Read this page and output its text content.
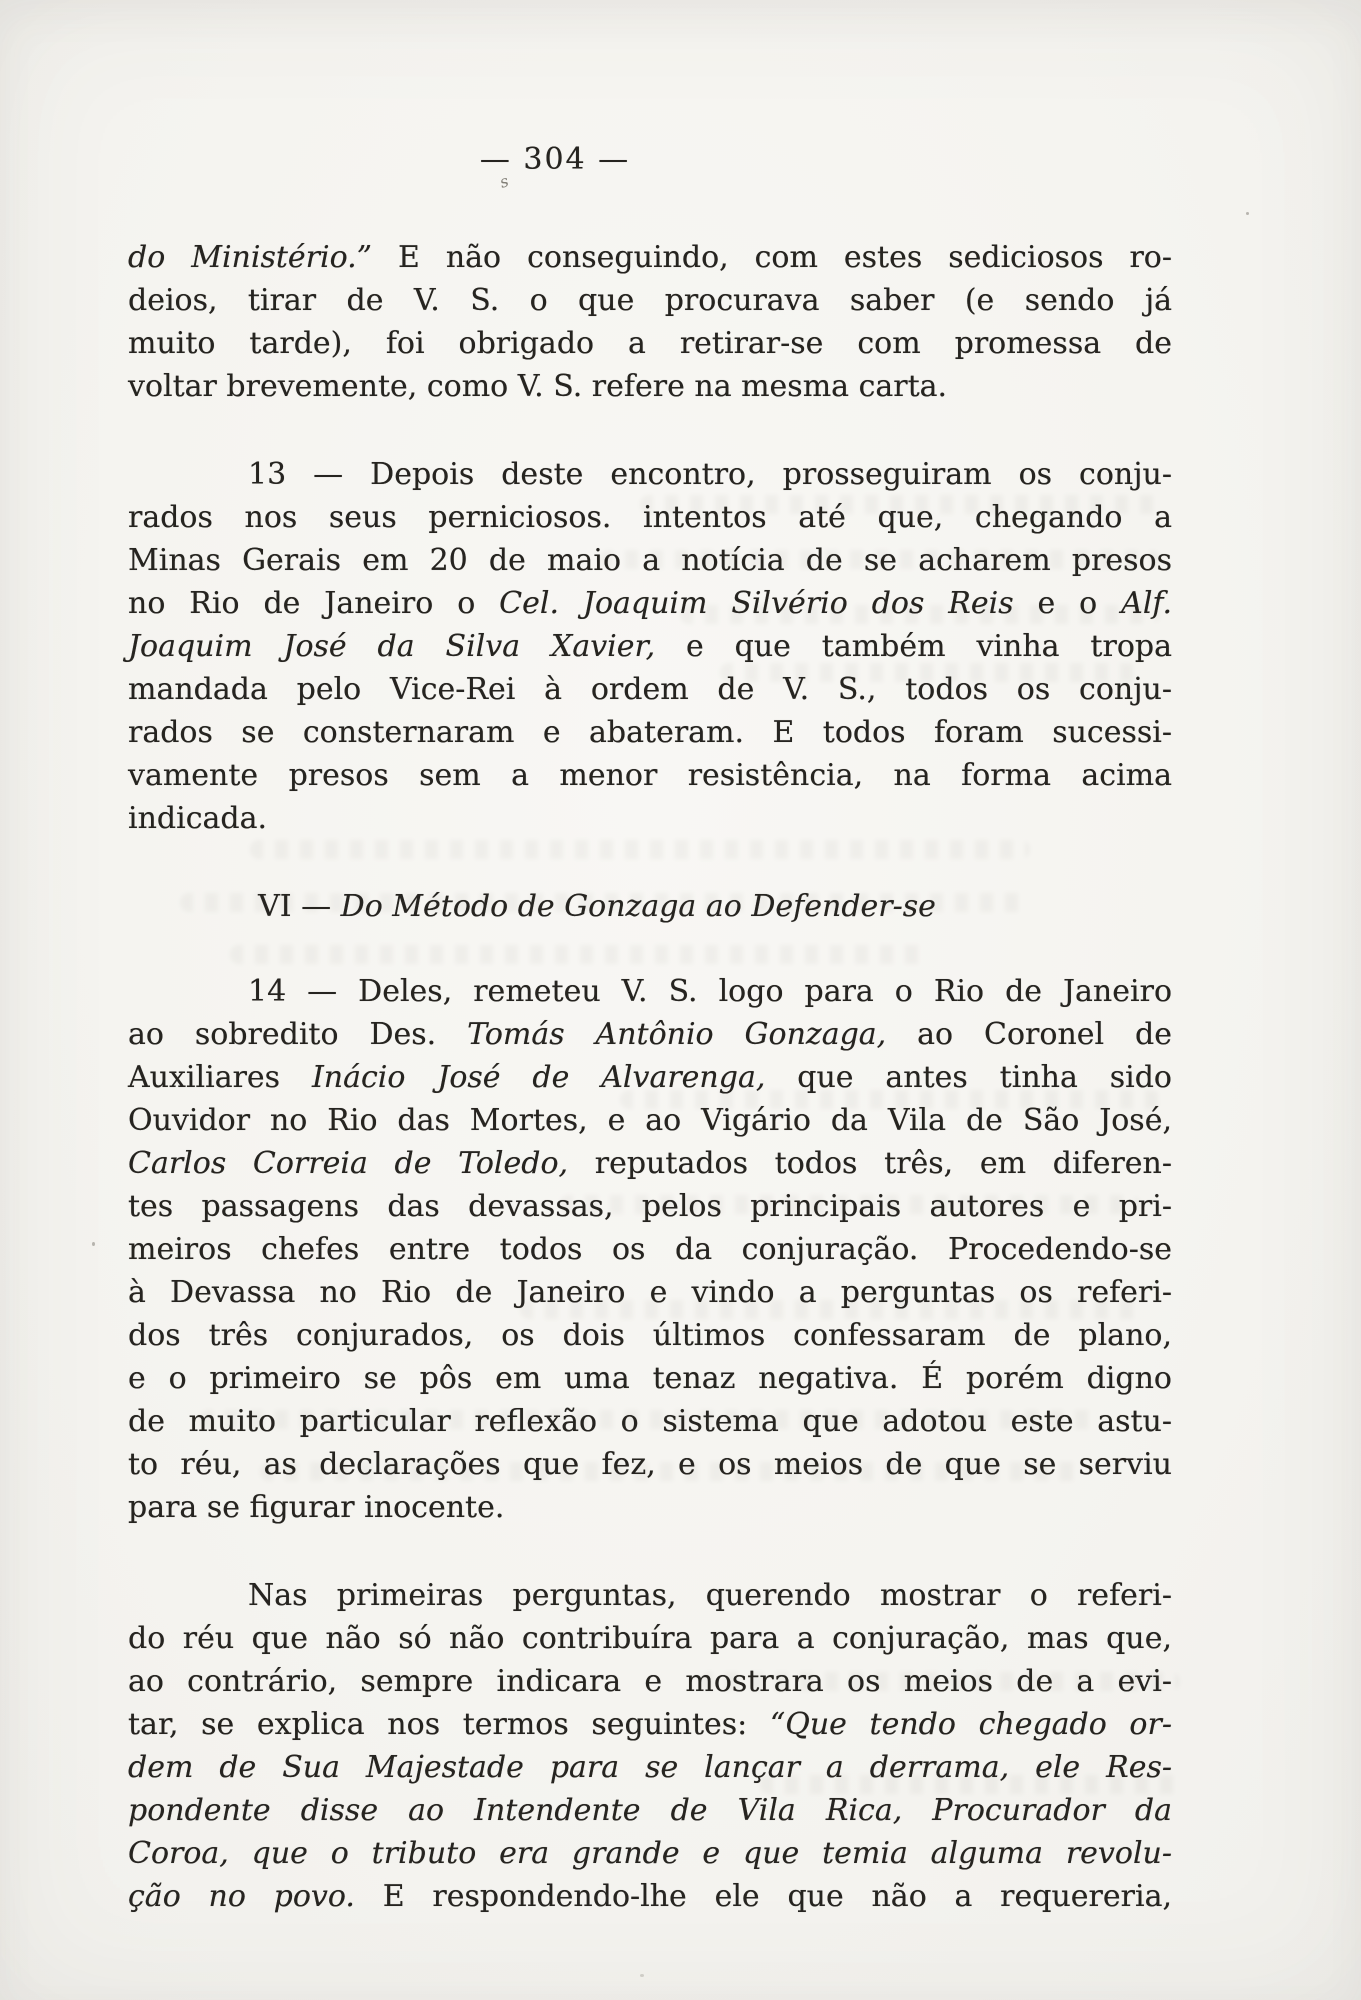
s
— 304 —
do Ministério.” E não conseguindo, com estes sediciosos ro-
deios, tirar de V. S. o que procurava saber (e sendo já
muito tarde), foi obrigado a retirar-se com promessa de
voltar brevemente, como V. S. refere na mesma carta.
13 — Depois deste encontro, prosseguiram os conju-
rados nos seus perniciosos. intentos até que, chegando a
Minas Gerais em 20 de maio a notícia de se acharem presos
no Rio de Janeiro o Cel. Joaquim Silvério dos Reis e o Alf.
Joaquim José da Silva Xavier, e que também vinha tropa
mandada pelo Vice-Rei à ordem de V. S., todos os conju-
rados se consternaram e abateram. E todos foram sucessi-
vamente presos sem a menor resistência, na forma acima
indicada.
VI — Do Método de Gonzaga ao Defender-se
14 — Deles, remeteu V. S. logo para o Rio de Janeiro
ao sobredito Des. Tomás Antônio Gonzaga, ao Coronel de
Auxiliares Inácio José de Alvarenga, que antes tinha sido
Ouvidor no Rio das Mortes, e ao Vigário da Vila de São José,
Carlos Correia de Toledo, reputados todos três, em diferen-
tes passagens das devassas, pelos principais autores e pri-
meiros chefes entre todos os da conjuração. Procedendo-se
à Devassa no Rio de Janeiro e vindo a perguntas os referi-
dos três conjurados, os dois últimos confessaram de plano,
e o primeiro se pôs em uma tenaz negativa. É porém digno
de muito particular reflexão o sistema que adotou este astu-
to réu, as declarações que fez, e os meios de que se serviu
para se figurar inocente.
Nas primeiras perguntas, querendo mostrar o referi-
do réu que não só não contribuíra para a conjuração, mas que,
ao contrário, sempre indicara e mostrara os meios de a evi-
tar, se explica nos termos seguintes: “Que tendo chegado or-
dem de Sua Majestade para se lançar a derrama, ele Res-
pondente disse ao Intendente de Vila Rica, Procurador da
Coroa, que o tributo era grande e que temia alguma revolu-
ção no povo. E respondendo-lhe ele que não a requereria,
